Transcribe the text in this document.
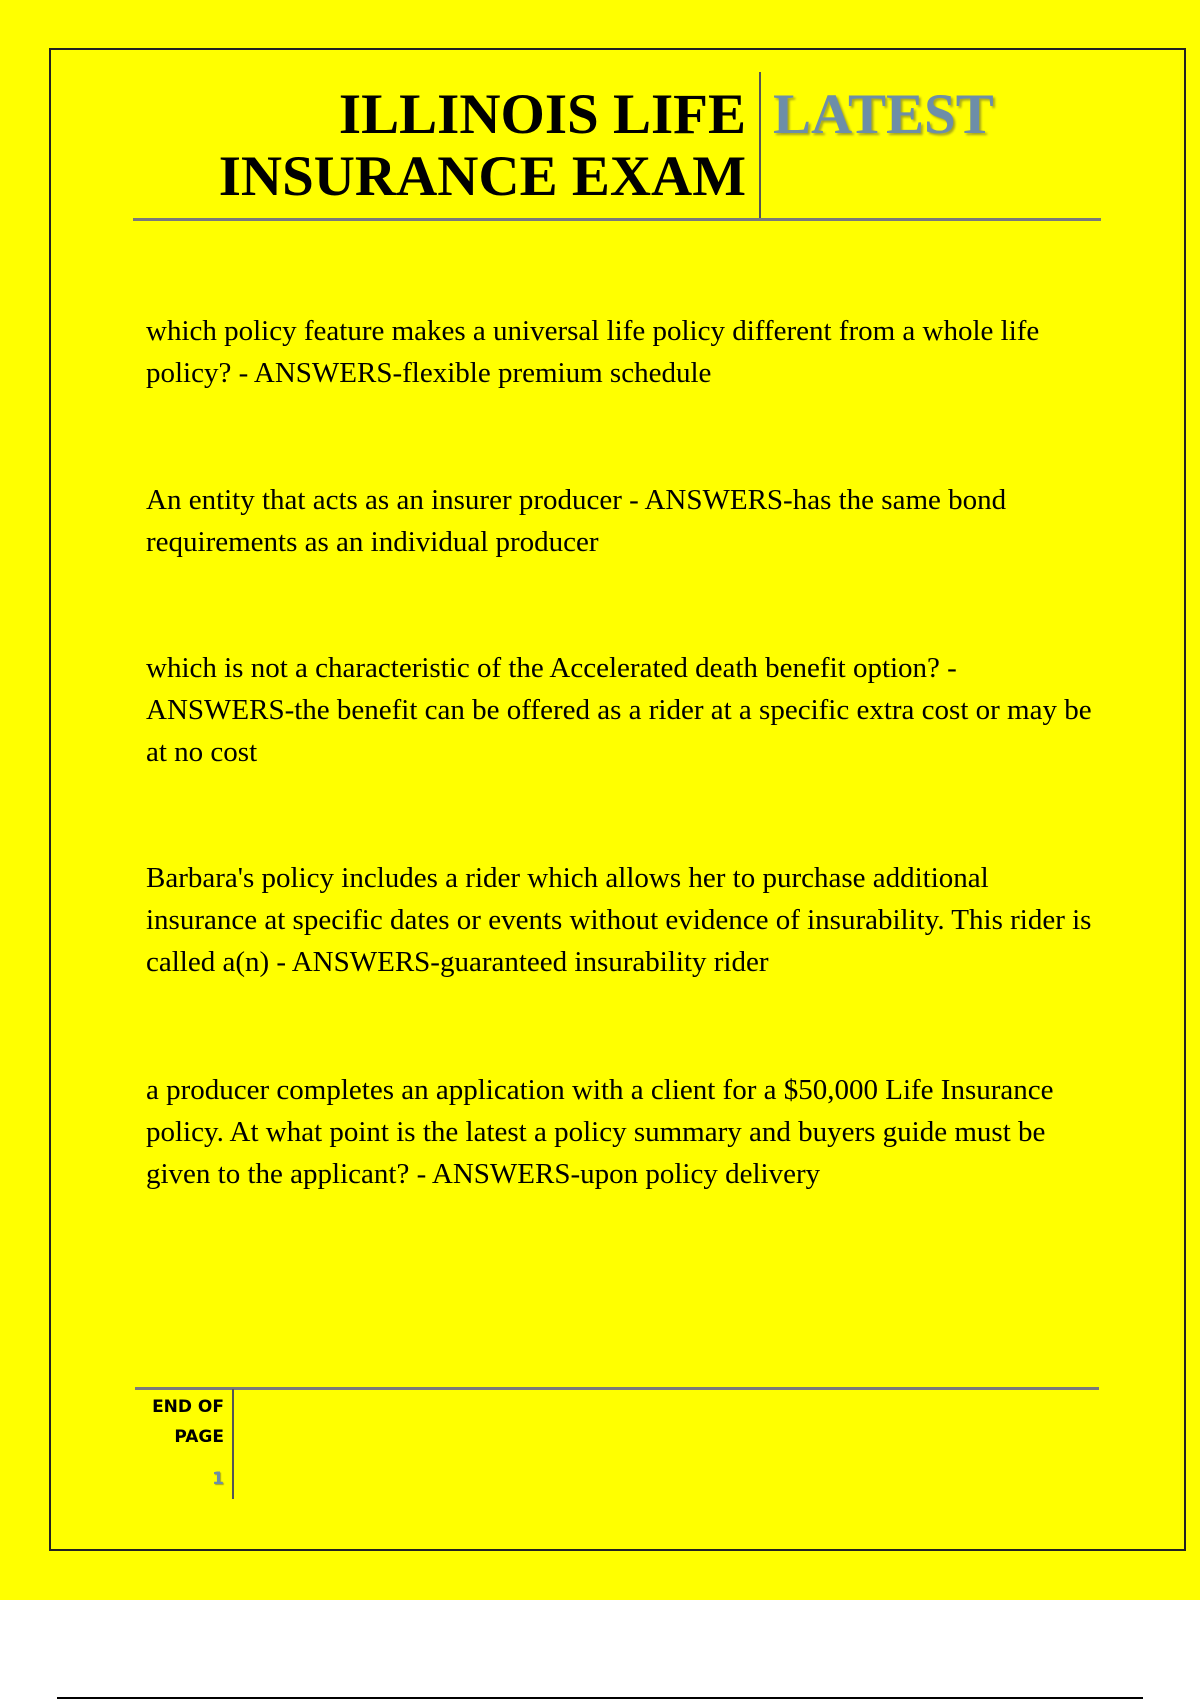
ILLINOIS LIFE
INSURANCE EXAM
LATEST

which policy feature makes a universal life policy different from a whole life policy? - ANSWERS-flexible premium schedule

An entity that acts as an insurer producer - ANSWERS-has the same bond requirements as an individual producer

which is not a characteristic of the Accelerated death benefit option? - ANSWERS-the benefit can be offered as a rider at a specific extra cost or may be at no cost

Barbara's policy includes a rider which allows her to purchase additional insurance at specific dates or events without evidence of insurability. This rider is called a(n) - ANSWERS-guaranteed insurability rider

a producer completes an application with a client for a $50,000 Life Insurance policy. At what point is the latest a policy summary and buyers guide must be given to the applicant? - ANSWERS-upon policy delivery

END OF
PAGE
1
